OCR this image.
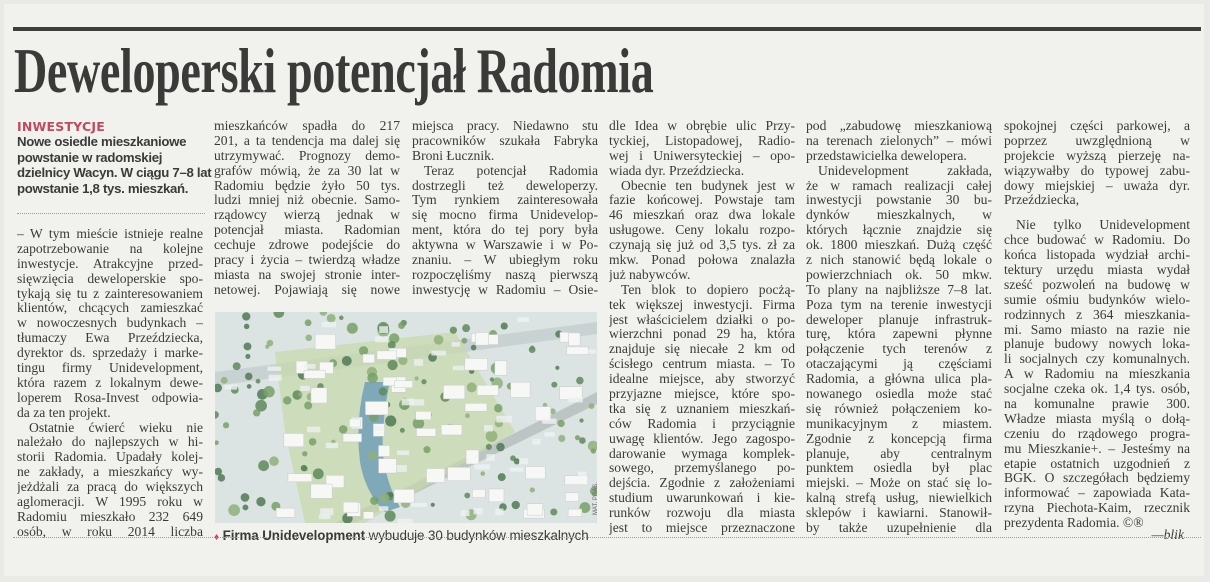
Deweloperski potencjał Radomia
INWESTYCJE
Nowe osiedle mieszkaniowe
powstanie w radomskiej
dzielnicy Wacyn. W ciągu 7–8 lat
powstanie 1,8 tys. mieszkań.
– W tym mieście istnieje realne
zapotrzebowanie na kolejne
inwestycje. Atrakcyjne przed-
sięwzięcia deweloperskie spo-
tykają się tu z zainteresowaniem
klientów, chcących zamieszkać
w nowoczesnych budynkach –
tłumaczy Ewa Przeździecka,
dyrektor ds. sprzedaży i marke-
tingu firmy Unidevelopment,
która razem z lokalnym dewe-
loperem Rosa-Invest odpowia-
da za ten projekt.
Ostatnie ćwierć wieku nie
należało do najlepszych w hi-
storii Radomia. Upadały kolej-
ne zakłady, a mieszkańcy wy-
jeżdżali za pracą do większych
aglomeracji. W 1995 roku w
Radomiu mieszkało 232 649
osób, w roku 2014 liczba
mieszkańców spadła do 217
201, a ta tendencja ma dalej się
utrzymywać. Prognozy demo-
grafów mówią, że za 30 lat w
Radomiu będzie żyło 50 tys.
ludzi mniej niż obecnie. Samo-
rządowcy wierzą jednak w
potencjał miasta. Radomian
cechuje zdrowe podejście do
pracy i życia – twierdzą władze
miasta na swojej stronie inter-
netowej. Pojawiają się nowe
miejsca pracy. Niedawno stu
pracowników szukała Fabryka
Broni Łucznik.
Teraz potencjał Radomia
dostrzegli też deweloperzy.
Tym rynkiem zainteresowała
się mocno firma Unidevelop-
ment, która do tej pory była
aktywna w Warszawie i w Po-
znaniu. – W ubiegłym roku
rozpoczęliśmy naszą pierwszą
inwestycję w Radomiu – Osie-
dle Idea w obrębie ulic Przy-
tyckiej, Listopadowej, Radio-
wej i Uniwersyteckiej – opo-
wiada dyr. Przeździecka.
Obecnie ten budynek jest w
fazie końcowej. Powstaje tam
46 mieszkań oraz dwa lokale
usługowe. Ceny lokalu rozpo-
czynają się już od 3,5 tys. zł za
mkw. Ponad połowa znalazła
już nabywców.
Ten blok to dopiero pocżą-
tek większej inwestycji. Firma
jest właścicielem działki o po-
wierzchni ponad 29 ha, która
znajduje się niecałe 2 km od
ścisłego centrum miasta. – To
idealne miejsce, aby stworzyć
przyjazne miejsce, które spo-
tka się z uznaniem mieszkań-
ców Radomia i przyciągnie
uwagę klientów. Jego zagospo-
darowanie wymaga komplek-
sowego, przemyślanego po-
dejścia. Zgodnie z założeniami
studium uwarunkowań i kie-
runków rozwoju dla miasta
jest to miejsce przeznaczone
pod „zabudowę mieszkaniową
na terenach zielonych” – mówi
przedstawicielka dewelopera.
Unidevelopment zakłada,
że w ramach realizacji całej
inwestycji powstanie 30 bu-
dynków mieszkalnych, w
których łącznie znajdzie się
ok. 1800 mieszkań. Dużą część
z nich stanowić będą lokale o
powierzchniach ok. 50 mkw.
To plany na najbliższe 7–8 lat.
Poza tym na terenie inwestycji
deweloper planuje infrastruk-
turę, która zapewni płynne
połączenie tych terenów z
otaczającymi ją częściami
Radomia, a główna ulica pla-
nowanego osiedla może stać
się również połączeniem ko-
munikacyjnym z miastem.
Zgodnie z koncepcją firma
planuje, aby centralnym
punktem osiedla był plac
miejski. – Może on stać się lo-
kalną strefą usług, niewielkich
sklepów i kawiarni. Stanowił-
by także uzupełnienie dla
spokojnej części parkowej, a
poprzez uwzględnioną w
projekcie wyższą pierzeję na-
wiązywałby do typowej zabu-
dowy miejskiej – uważa dyr.
Przeździecka,
Nie tylko Unidevelopment
chce budować w Radomiu. Do
końca listopada wydział archi-
tektury urzędu miasta wydał
sześć pozwoleń na budowę w
sumie ośmiu budynków wielo-
rodzinnych z 364 mieszkania-
mi. Samo miasto na razie nie
planuje budowy nowych loka-
li socjalnych czy komunalnych.
A w Radomiu na mieszkania
socjalne czeka ok. 1,4 tys. osób,
na komunalne prawie 300.
Władze miasta myślą o dołą-
czeniu do rządowego progra-
mu Mieszkanie+. – Jesteśmy na
etapie ostatnich uzgodnień z
BGK. O szczegółach będziemy
informować – zapowiada Kata-
rzyna Piechota-Kaim, rzecznik
prezydenta Radomia. ©®
MAT. PRAS.
♦ Firma Unidevelopment wybuduje 30 budynków mieszkalnych	—blik
